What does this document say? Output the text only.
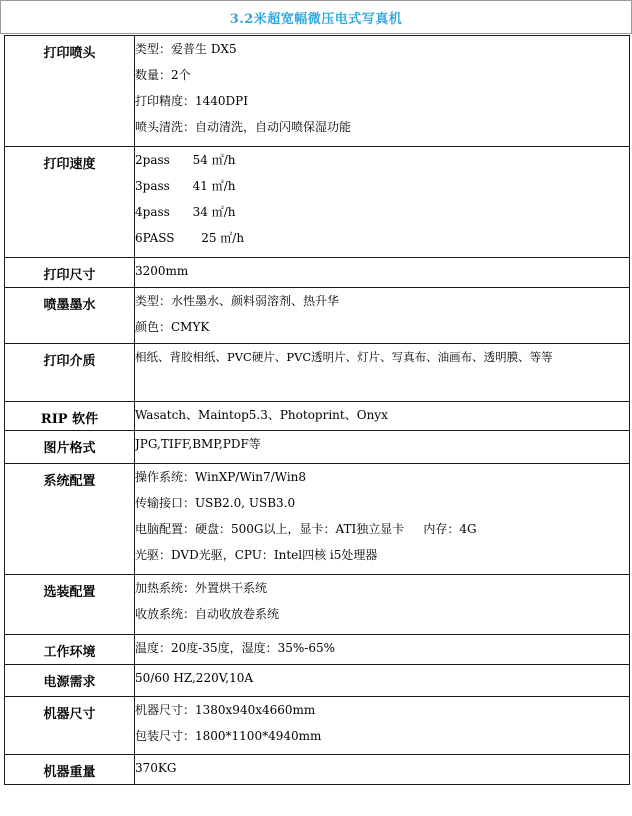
3.2米超宽幅微压电式写真机
打印喷头	类型：爱普生 DX5
数量：2个
打印精度：1440DPI
喷头清洗：自动清洗，自动闪喷保湿功能

打印速度	2pass      54 ㎡/h
3pass      41 ㎡/h
4pass      34 ㎡/h
6PASS       25 ㎡/h

打印尺寸	3200mm

喷墨墨水	类型：水性墨水、颜料弱溶剂、热升华
颜色：CMYK

打印介质	相纸、背胶相纸、PVC硬片、PVC透明片、灯片、写真布、油画布、透明膜、等等

RIP 软件	Wasatch、Maintop5.3、Photoprint、Onyx

图片格式	JPG,TIFF,BMP,PDF等

系统配置	操作系统：WinXP/Win7/Win8
传输接口：USB2.0, USB3.0
电脑配置：硬盘：500G以上，显卡：ATI独立显卡     内存：4G
光驱：DVD光驱，CPU：Intel四核 i5处理器

选装配置	加热系统：外置烘干系统
收放系统：自动收放卷系统

工作环境	温度：20度-35度，湿度：35%-65%

电源需求	50/60 HZ,220V,10A

机器尺寸	机器尺寸：1380x940x4660mm
包装尺寸：1800*1100*4940mm

机器重量	370KG
